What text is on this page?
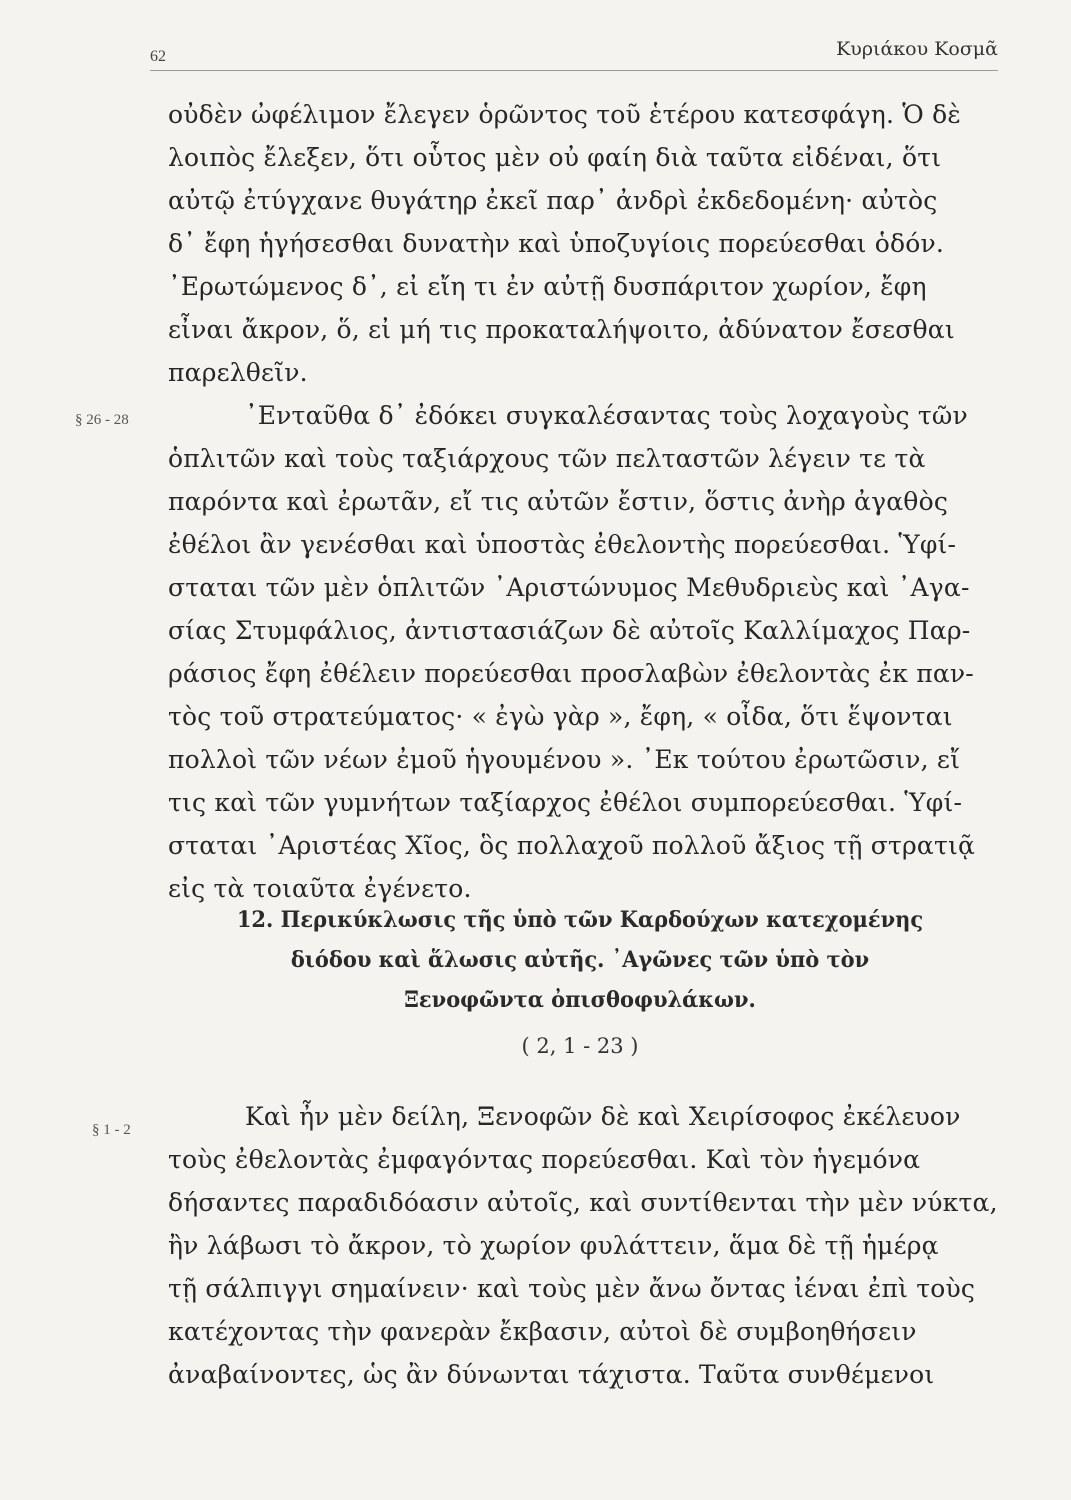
62	Κυριάκου Κοσμᾶ
οὐδὲν ὠφέλιμον ἔλεγεν ὁρῶντος τοῦ ἑτέρου κατεσφάγη. Ὁ δὲ
λοιπὸς ἔλεξεν, ὅτι οὗτος μὲν οὐ φαίη διὰ ταῦτα εἰδέναι, ὅτι
αὐτῷ ἐτύγχανε θυγάτηρ ἐκεῖ παρ᾽ ἀνδρὶ ἐκδεδομένη· αὐτὸς
δ᾽ ἔφη ἡγήσεσθαι δυνατὴν καὶ ὑποζυγίοις πορεύεσθαι ὁδόν.
᾽Ερωτώμενος δ᾽, εἰ εἴη τι ἐν αὐτῇ δυσπάριτον χωρίον, ἔφη
εἶναι ἄκρον, ὅ, εἰ μή τις προκαταλήψοιτο, ἀδύνατον ἔσεσθαι
παρελθεῖν.
§ 26 - 28	᾽Ενταῦθα δ᾽ ἐδόκει συγκαλέσαντας τοὺς λοχαγοὺς τῶν
ὁπλιτῶν καὶ τοὺς ταξιάρχους τῶν πελταστῶν λέγειν τε τὰ
παρόντα καὶ ἐρωτᾶν, εἴ τις αὐτῶν ἔστιν, ὅστις ἀνὴρ ἀγαθὸς
ἐθέλοι ἂν γενέσθαι καὶ ὑποστὰς ἐθελοντὴς πορεύεσθαι. Ὑφί-
σταται τῶν μὲν ὁπλιτῶν ᾽Αριστώνυμος Μεθυδριεὺς καὶ ᾽Αγα-
σίας Στυμφάλιος, ἀντιστασιάζων δὲ αὐτοῖς Καλλίμαχος Παρ-
ράσιος ἔφη ἐθέλειν πορεύεσθαι προσλαβὼν ἐθελοντὰς ἐκ παν-
τὸς τοῦ στρατεύματος· « ἐγὼ γὰρ », ἔφη, « οἶδα, ὅτι ἕψονται
πολλοὶ τῶν νέων ἐμοῦ ἡγουμένου ». ᾽Εκ τούτου ἐρωτῶσιν, εἴ
τις καὶ τῶν γυμνήτων ταξίαρχος ἐθέλοι συμπορεύεσθαι. Ὑφί-
σταται ᾽Αριστέας Χῖος, ὃς πολλαχοῦ πολλοῦ ἄξιος τῇ στρατιᾷ
εἰς τὰ τοιαῦτα ἐγένετο.
12. Περικύκλωσις τῆς ὑπὸ τῶν Καρδούχων κατεχομένης
διόδου καὶ ἅλωσις αὐτῆς. ᾽Αγῶνες τῶν ὑπὸ τὸν
Ξενοφῶντα ὀπισθοφυλάκων.
( 2, 1 - 23 )
§ 1 - 2	Καὶ ἦν μὲν δείλη, Ξενοφῶν δὲ καὶ Χειρίσοφος ἐκέλευον
τοὺς ἐθελοντὰς ἐμφαγόντας πορεύεσθαι. Καὶ τὸν ἡγεμόνα
δήσαντες παραδιδόασιν αὐτοῖς, καὶ συντίθενται τὴν μὲν νύκτα,
ἢν λάβωσι τὸ ἄκρον, τὸ χωρίον φυλάττειν, ἅμα δὲ τῇ ἡμέρᾳ
τῇ σάλπιγγι σημαίνειν· καὶ τοὺς μὲν ἄνω ὄντας ἰέναι ἐπὶ τοὺς
κατέχοντας τὴν φανερὰν ἔκβασιν, αὐτοὶ δὲ συμβοηθήσειν
ἀναβαίνοντες, ὡς ἂν δύνωνται τάχιστα. Ταῦτα συνθέμενοι
